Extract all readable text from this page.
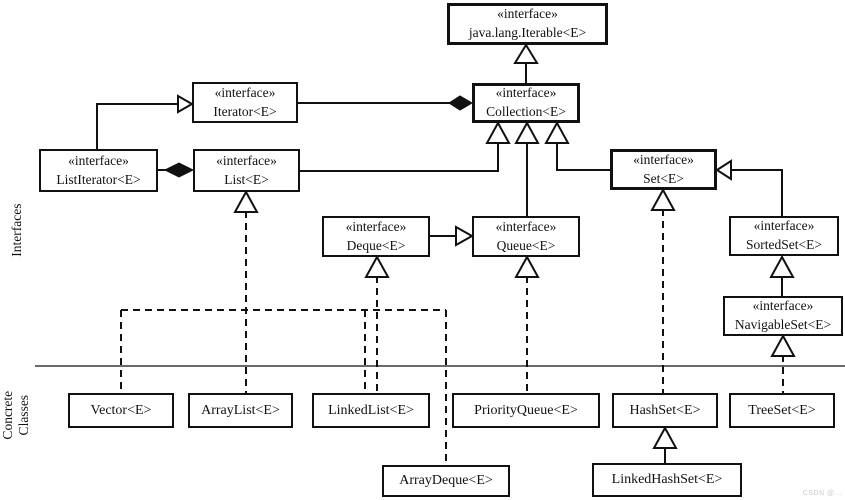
Interfaces
Concrete Classes
«interface»
java.lang.Iterable<E>
«interface»
Iterator<E>
«interface»
Collection<E>
«interface»
ListIterator<E>
«interface»
List<E>
«interface»
Set<E>
«interface»
Deque<E>
«interface»
Queue<E>
«interface»
SortedSet<E>
«interface»
NavigableSet<E>
Vector<E>	ArrayList<E>	LinkedList<E>	PriorityQueue<E>	HashSet<E>	TreeSet<E>
ArrayDeque<E>	LinkedHashSet<E>
CSDN @...
